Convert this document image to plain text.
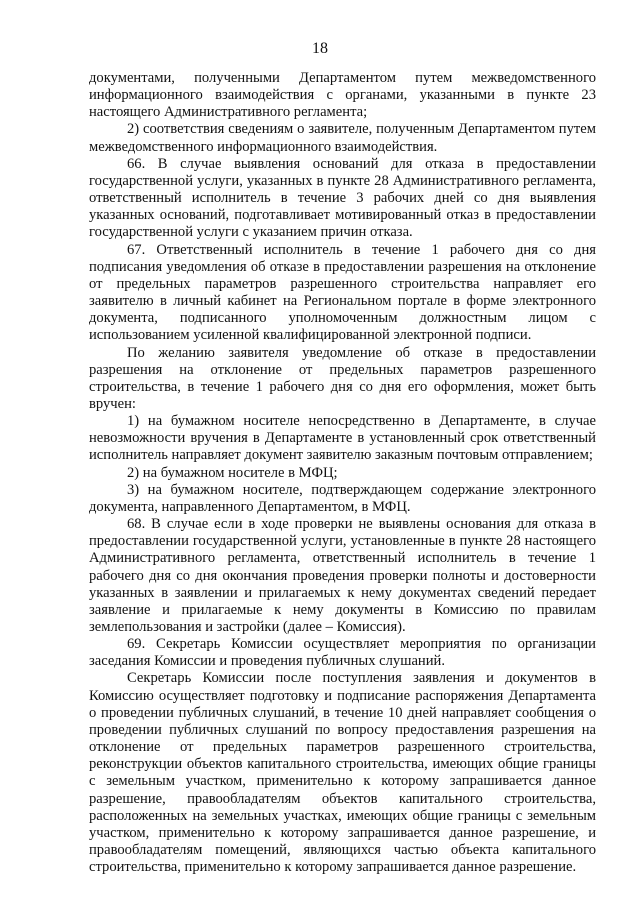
18

документами, полученными Департаментом путем межведомственного информационного взаимодействия с органами, указанными в пункте 23 настоящего Административного регламента;

2) соответствия сведениям о заявителе, полученным Департаментом путем межведомственного информационного взаимодействия.

66. В случае выявления оснований для отказа в предоставлении государственной услуги, указанных в пункте 28 Административного регламента, ответственный исполнитель в течение 3 рабочих дней со дня выявления указанных оснований, подготавливает мотивированный отказ в предоставлении государственной услуги с указанием причин отказа.

67. Ответственный исполнитель в течение 1 рабочего дня со дня подписания уведомления об отказе в предоставлении разрешения на отклонение от предельных параметров разрешенного строительства направляет его заявителю в личный кабинет на Региональном портале в форме электронного документа, подписанного уполномоченным должностным лицом с использованием усиленной квалифицированной электронной подписи.

По желанию заявителя уведомление об отказе в предоставлении разрешения на отклонение от предельных параметров разрешенного строительства, в течение 1 рабочего дня со дня его оформления, может быть вручен:

1) на бумажном носителе непосредственно в Департаменте, в случае невозможности вручения в Департаменте в установленный срок ответственный исполнитель направляет документ заявителю заказным почтовым отправлением;

2) на бумажном носителе в МФЦ;

3) на бумажном носителе, подтверждающем содержание электронного документа, направленного Департаментом, в МФЦ.

68. В случае если в ходе проверки не выявлены основания для отказа в предоставлении государственной услуги, установленные в пункте 28 настоящего Административного регламента, ответственный исполнитель в течение 1 рабочего дня со дня окончания проведения проверки полноты и достоверности указанных в заявлении и прилагаемых к нему документах сведений передает заявление и прилагаемые к нему документы в Комиссию по правилам землепользования и застройки (далее – Комиссия).

69. Секретарь Комиссии осуществляет мероприятия по организации заседания Комиссии и проведения публичных слушаний.

Секретарь Комиссии после поступления заявления и документов в Комиссию осуществляет подготовку и подписание распоряжения Департамента о проведении публичных слушаний, в течение 10 дней направляет сообщения о проведении публичных слушаний по вопросу предоставления разрешения на отклонение от предельных параметров разрешенного строительства, реконструкции объектов капитального строительства, имеющих общие границы с земельным участком, применительно к которому запрашивается данное разрешение, правообладателям объектов капитального строительства, расположенных на земельных участках, имеющих общие границы с земельным участком, применительно к которому запрашивается данное разрешение, и правообладателям помещений, являющихся частью объекта капитального строительства, применительно к которому запрашивается данное разрешение.
